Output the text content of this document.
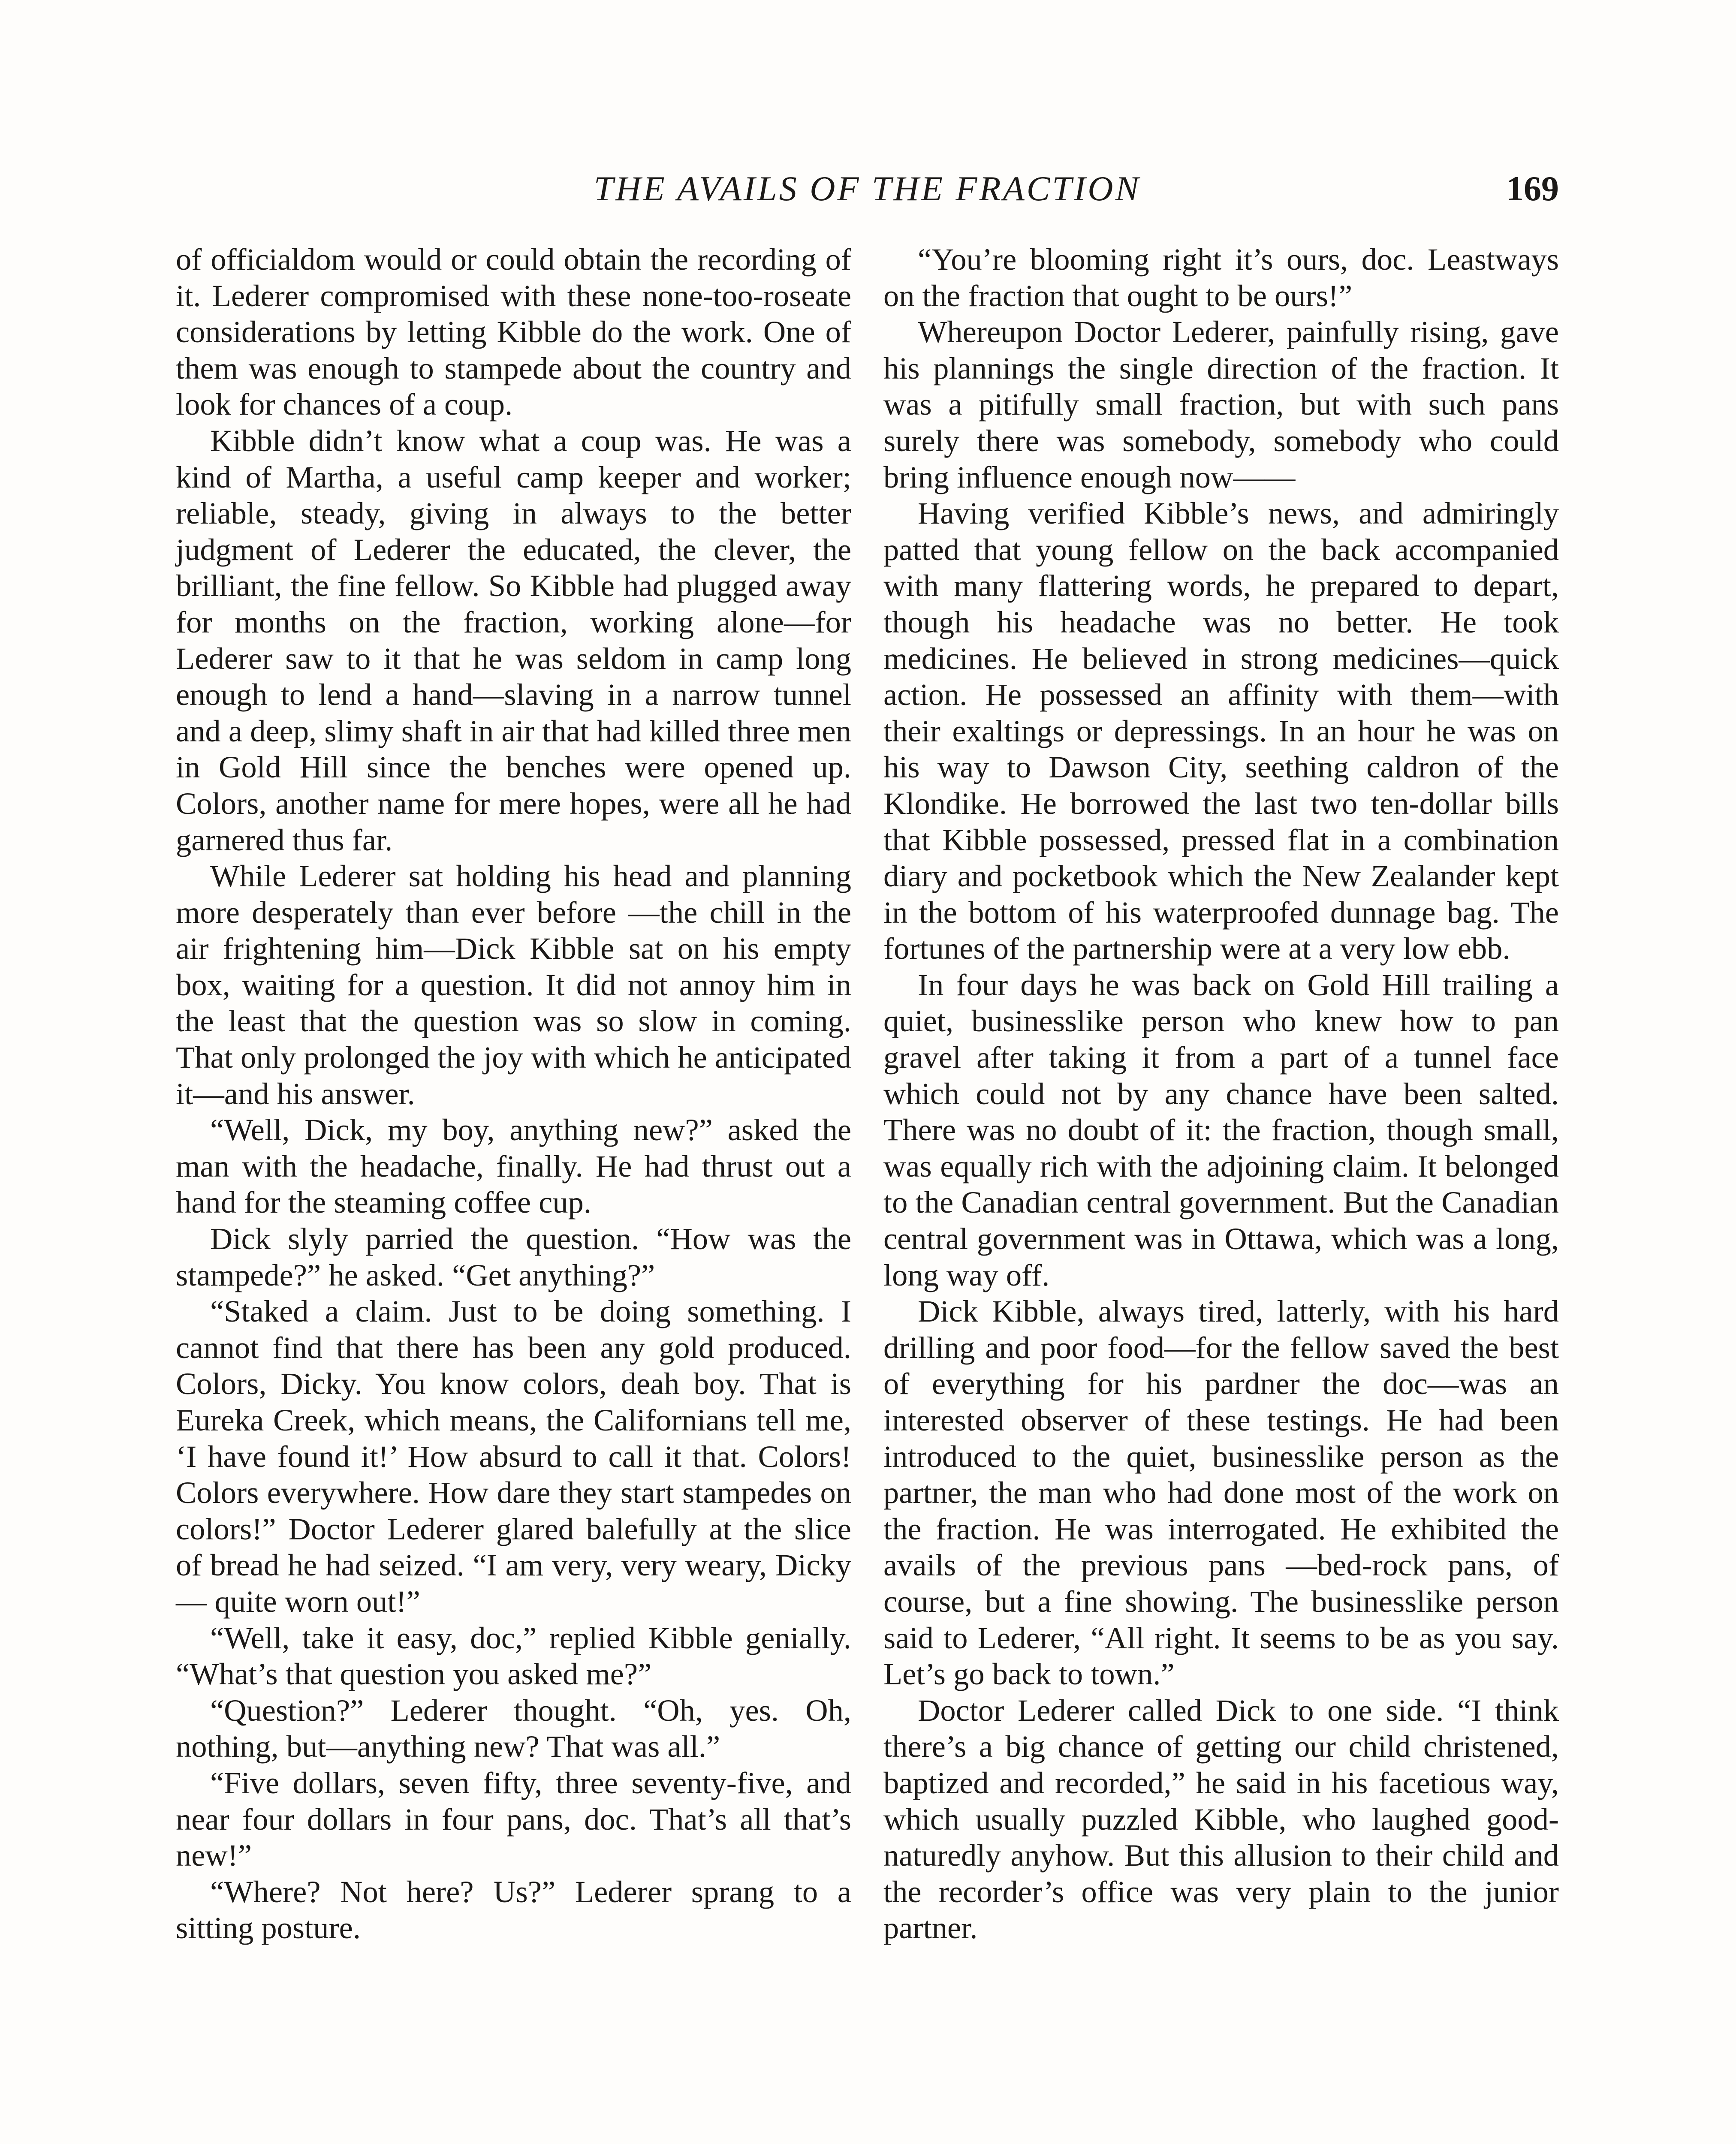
THE AVAILS OF THE FRACTION	169

of officialdom would or could obtain the recording of it. Lederer compromised with these none-too-roseate considerations by letting Kibble do the work. One of them was enough to stampede about the country and look for chances of a coup.

Kibble didn’t know what a coup was. He was a kind of Martha, a useful camp keeper and worker; reliable, steady, giving in always to the better judgment of Lederer the educated, the clever, the brilliant, the fine fellow. So Kibble had plugged away for months on the fraction, working alone—for Lederer saw to it that he was seldom in camp long enough to lend a hand—slaving in a narrow tunnel and a deep, slimy shaft in air that had killed three men in Gold Hill since the benches were opened up. Colors, another name for mere hopes, were all he had garnered thus far.

While Lederer sat holding his head and planning more desperately than ever before —the chill in the air frightening him—Dick Kibble sat on his empty box, waiting for a question. It did not annoy him in the least that the question was so slow in coming. That only prolonged the joy with which he anticipated it—and his answer.

“Well, Dick, my boy, anything new?” asked the man with the headache, finally. He had thrust out a hand for the steaming coffee cup.

Dick slyly parried the question. “How was the stampede?” he asked. “Get anything?”

“Staked a claim. Just to be doing something. I cannot find that there has been any gold produced. Colors, Dicky. You know colors, deah boy. That is Eureka Creek, which means, the Californians tell me, ‘I have found it!’ How absurd to call it that. Colors! Colors everywhere. How dare they start stampedes on colors!” Doctor Lederer glared balefully at the slice of bread he had seized. “I am very, very weary, Dicky— quite worn out!”

“Well, take it easy, doc,” replied Kibble genially. “What’s that question you asked me?”

“Question?” Lederer thought. “Oh, yes. Oh, nothing, but—anything new? That was all.”

“Five dollars, seven fifty, three seventy-five, and near four dollars in four pans, doc. That’s all that’s new!”

“Where? Not here? Us?” Lederer sprang to a sitting posture.

“You’re blooming right it’s ours, doc. Leastways on the fraction that ought to be ours!”

Whereupon Doctor Lederer, painfully rising, gave his plannings the single direction of the fraction. It was a pitifully small fraction, but with such pans surely there was somebody, somebody who could bring influence enough now——

Having verified Kibble’s news, and admiringly patted that young fellow on the back accompanied with many flattering words, he prepared to depart, though his headache was no better. He took medicines. He believed in strong medicines—quick action. He possessed an affinity with them—with their exaltings or depressings. In an hour he was on his way to Dawson City, seething caldron of the Klondike. He borrowed the last two ten-dollar bills that Kibble possessed, pressed flat in a combination diary and pocketbook which the New Zealander kept in the bottom of his waterproofed dunnage bag. The fortunes of the partnership were at a very low ebb.

In four days he was back on Gold Hill trailing a quiet, businesslike person who knew how to pan gravel after taking it from a part of a tunnel face which could not by any chance have been salted. There was no doubt of it: the fraction, though small, was equally rich with the adjoining claim. It belonged to the Canadian central government. But the Canadian central government was in Ottawa, which was a long, long way off.

Dick Kibble, always tired, latterly, with his hard drilling and poor food—for the fellow saved the best of everything for his pardner the doc—was an interested observer of these testings. He had been introduced to the quiet, businesslike person as the partner, the man who had done most of the work on the fraction. He was interrogated. He exhibited the avails of the previous pans —bed-rock pans, of course, but a fine showing. The businesslike person said to Lederer, “All right. It seems to be as you say. Let’s go back to town.”

Doctor Lederer called Dick to one side. “I think there’s a big chance of getting our child christened, baptized and recorded,” he said in his facetious way, which usually puzzled Kibble, who laughed good-naturedly anyhow. But this allusion to their child and the recorder’s office was very plain to the junior partner.
